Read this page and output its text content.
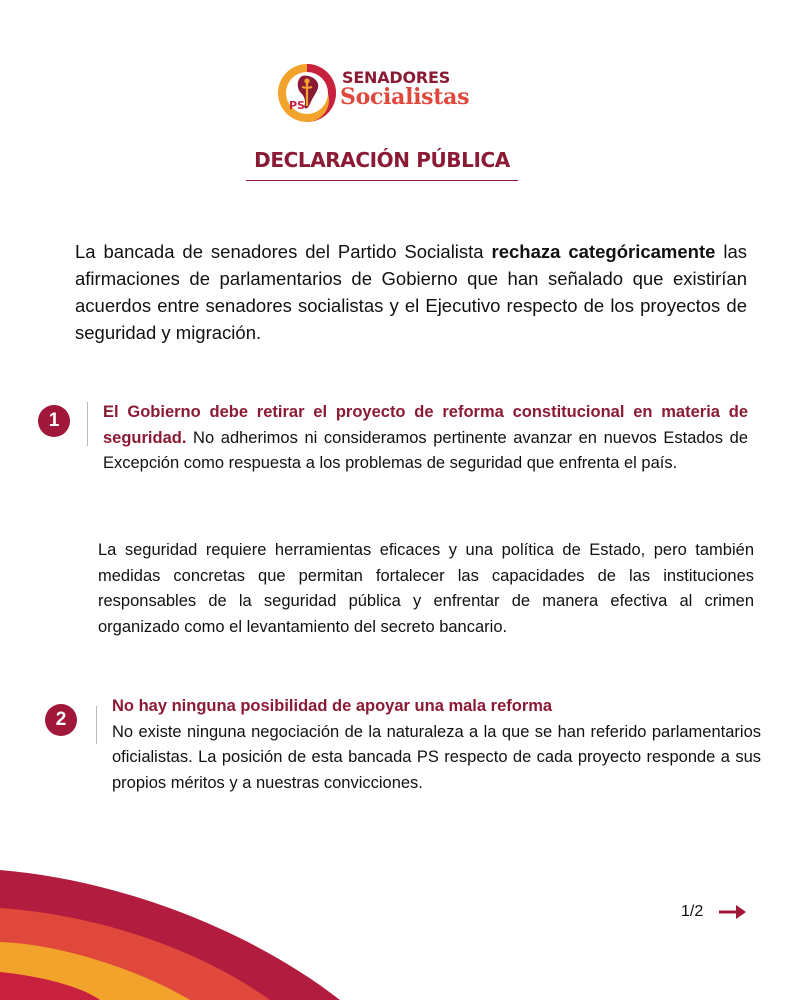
PS
SENADORES
Socialistas
DECLARACIÓN PÚBLICA
La bancada de senadores del Partido Socialista rechaza categóricamente las afirmaciones de parlamentarios de Gobierno que han señalado que existirían acuerdos entre senadores socialistas y el Ejecutivo respecto de los proyectos de seguridad y migración.
1	El Gobierno debe retirar el proyecto de reforma constitucional en materia de seguridad. No adherimos ni consideramos pertinente avanzar en nuevos Estados de Excepción como respuesta a los problemas de seguridad que enfrenta el país.
La seguridad requiere herramientas eficaces y una política de Estado, pero también medidas concretas que permitan fortalecer las capacidades de las instituciones responsables de la seguridad pública y enfrentar de manera efectiva al crimen organizado como el levantamiento del secreto bancario.
2
No hay ninguna posibilidad de apoyar una mala reforma
No existe ninguna negociación de la naturaleza a la que se han referido parlamentarios oficialistas. La posición de esta bancada PS respecto de cada proyecto responde a sus propios méritos y a nuestras convicciones.
1/2
